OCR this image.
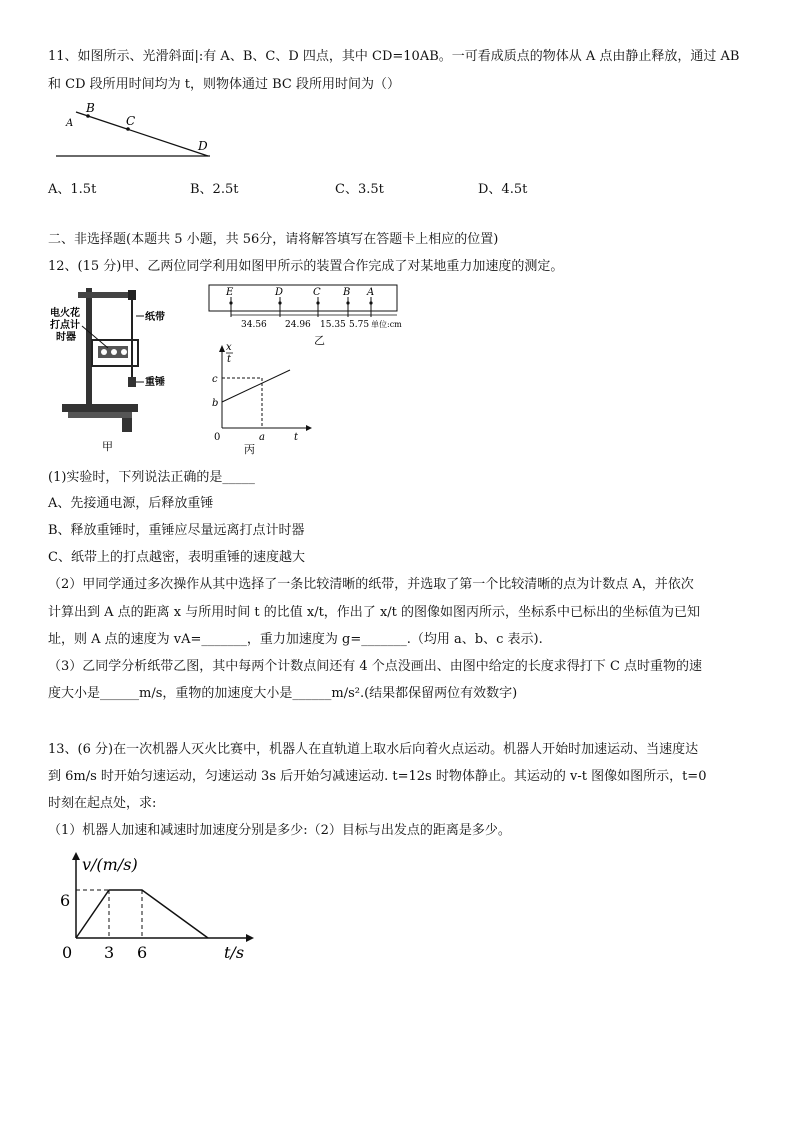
11、如图所示、光滑斜面|:有 A、B、C、D 四点，其中 CD=10AB。一可看成质点的物体从 A 点由静止释放，通过 AB
和 CD 段所用时间均为 t，则物体通过 BC 段所用时间为（）
A
B
C
D
A、1.5t	B、2.5t	C、3.5t	D、4.5t
二、非选择题(本题共 5 小题，共 56分，请将解答填写在答题卡上相应的位置)
12、(15 分)甲、乙两位同学利用如图甲所示的装置合作完成了对某地重力加速度的测定。
电火花
打点计
时器
纸带
重锤
甲
E	D	C B A
34.56 24.96 15.35 5.75 单位:cm
乙
x
t
c
b
0	a	t
丙
(1)实验时，下列说法正确的是_____
A、先接通电源，后释放重锤
B、释放重锤时，重锤应尽量远离打点计时器
C、纸带上的打点越密，表明重锤的速度越大
（2）甲同学通过多次操作从其中选择了一条比较清晰的纸带，并选取了第一个比较清晰的点为计数点 A，并依次
计算出到 A 点的距离 x 与所用时间 t 的比值 x/t，作出了 x/t 的图像如图丙所示，坐标系中已标出的坐标值为已知
址，则 A 点的速度为 vA=_______，重力加速度为 g=_______.（均用 a、b、c 表示).
（3）乙同学分析纸带乙图，其中每两个计数点间还有 4 个点没画出、由图中给定的长度求得打下 C 点时重物的速
度大小是______m/s，重物的加速度大小是______m/s².(结果都保留两位有效数字)
13、(6 分)在一次机器人灭火比赛中，机器人在直轨道上取水后向着火点运动。机器人开始时加速运动、当速度达
到 6m/s 时开始匀速运动，匀速运动 3s 后开始匀减速运动. t=12s 时物体静止。其运动的 v-t 图像如图所示，t=0
时刻在起点处，求:
（1）机器人加速和减速时加速度分别是多少:（2）目标与出发点的距离是多少。
v/(m/s)
6
0 3 6	t/s
